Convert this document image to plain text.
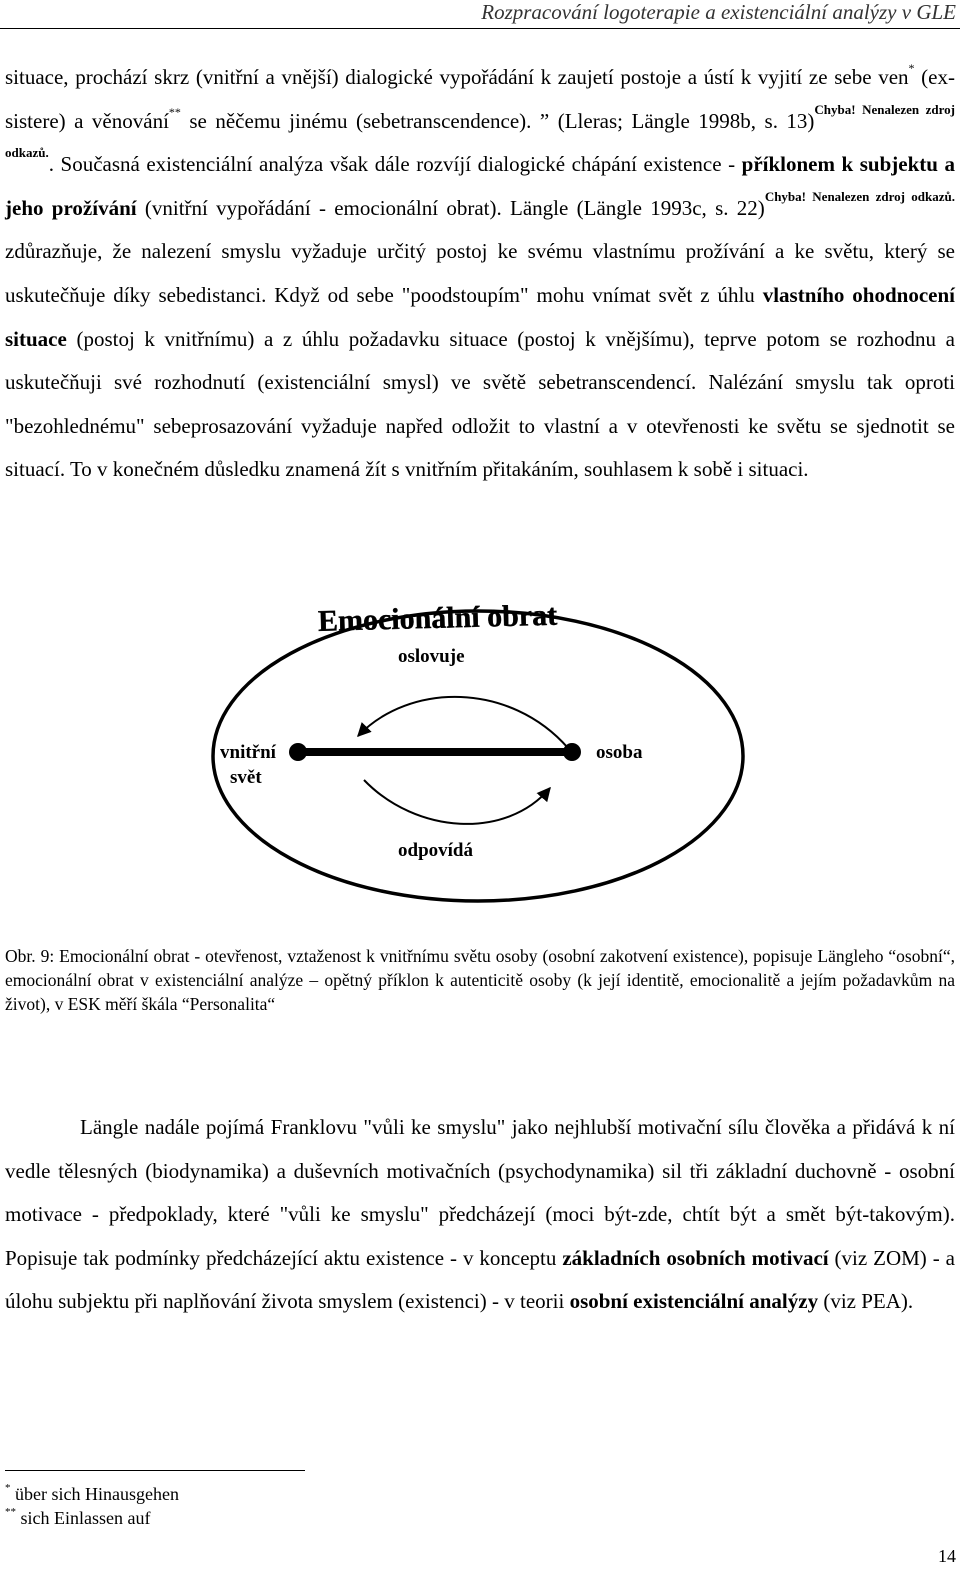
Rozpracování logoterapie a existenciální analýzy v GLE

situace, prochází skrz (vnitřní a vnější) dialogické vypořádání k zaujetí postoje a ústí k vyjití ze sebe ven* (ex-sistere) a věnování** se něčemu jinému (sebetranscendence). ” (Lleras; Längle 1998b, s. 13)$^{Chyba! Nenalezen zdroj odkazů.}$. Současná existenciální analýza však dále rozvíjí dialogické chápání existence - příklonem k subjektu a jeho prožívání (vnitřní vypořádání - emocionální obrat). Längle (Längle 1993c, s. 22)$^{Chyba! Nenalezen zdroj odkazů.}$ zdůrazňuje, že nalezení smyslu vyžaduje určitý postoj ke svému vlastnímu prožívání a ke světu, který se uskutečňuje díky sebedistanci. Když od sebe "poodstoupím" mohu vnímat svět z úhlu vlastního ohodnocení situace (postoj k vnitřnímu) a z úhlu požadavku situace (postoj k vnějšímu), teprve potom se rozhodnu a uskutečňuji své rozhodnutí (existenciální smysl) ve světě sebetranscendencí. Nalézání smyslu tak oproti "bezohlednému" sebeprosazování vyžaduje napřed odložit to vlastní a v otevřenosti ke světu se sjednotit se situací. To v konečném důsledku znamená žít s vnitřním přitakáním, souhlasem k sobě i situaci.

Emocionální obrat
oslovuje
odpovídá
vnitřní
svět
osoba

Obr. 9: Emocionální obrat - otevřenost, vztaženost k vnitřnímu světu osoby (osobní zakotvení existence), popisuje Längleho “osobní“, emocionální obrat v existenciální analýze – opětný příklon k autenticitě osoby (k její identitě, emocionalitě a jejím požadavkům na život), v ESK měří škála “Personalita“

Längle nadále pojímá Franklovu "vůli ke smyslu" jako nejhlubší motivační sílu člověka a přidává k ní vedle tělesných (biodynamika) a duševních motivačních (psychodynamika) sil tři základní duchovně - osobní motivace - předpoklady, které "vůli ke smyslu" předcházejí (moci být-zde, chtít být a smět být-takovým). Popisuje tak podmínky předcházející aktu existence - v konceptu základních osobních motivací (viz ZOM) - a úlohu subjektu při naplňování života smyslem (existenci) - v teorii osobní existenciální analýzy (viz PEA).

* über sich Hinausgehen
** sich Einlassen auf
14
